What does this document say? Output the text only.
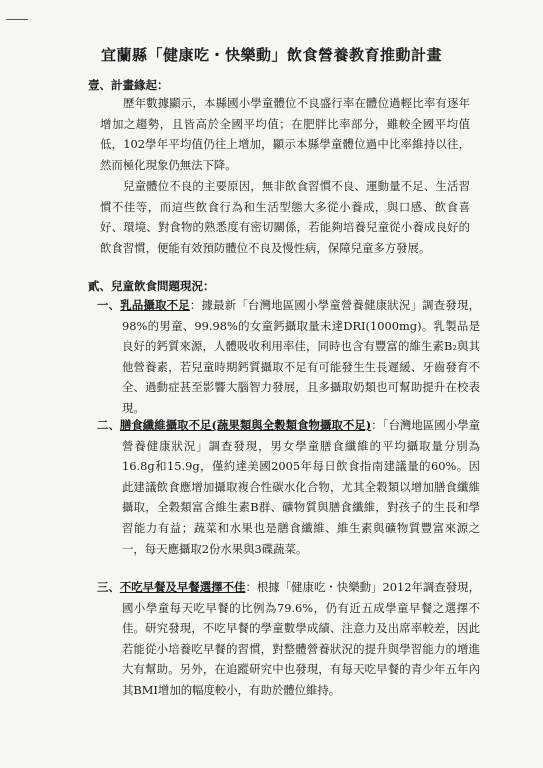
宜蘭縣「健康吃・快樂動」飲食營養教育推動計畫
壹、計畫緣起：
歷年數據顯示，本縣國小學童體位不良盛行率在體位過輕比率有逐年增加之趨勢，且皆高於全國平均值；在肥胖比率部分，雖較全國平均值低，102學年平均值仍往上增加，顯示本縣學童體位過中比率維持以往，然而極化現象仍無法下降。
兒童體位不良的主要原因，無非飲食習慣不良、運動量不足、生活習慣不佳等，而這些飲食行為和生活型態大多從小養成，與口感、飲食喜好、環境、對食物的熟悉度有密切關係，若能夠培養兒童從小養成良好的飲食習慣，便能有效預防體位不良及慢性病，保障兒童多方發展。
貳、兒童飲食問題現況：
一、乳品攝取不足：據最新「台灣地區國小學童營養健康狀況」調查發現，98%的男童、99.98%的女童鈣攝取量未達DRI(1000mg)。乳製品是良好的鈣質來源，人體吸收利用率佳，同時也含有豐富的維生素B₂與其他營養素，若兒童時期鈣質攝取不足有可能發生生長遲緩、牙齒發育不全、過動症甚至影響大腦智力發展，且多攝取奶類也可幫助提升在校表現。
二、膳食纖維攝取不足(蔬果類與全穀類食物攝取不足)：「台灣地區國小學童營養健康狀況」調查發現，男女學童膳食纖維的平均攝取量分別為16.8g和15.9g，僅約達美國2005年每日飲食指南建議量的60%。因此建議飲食應增加攝取複合性碳水化合物，尤其全穀類以增加膳食纖維攝取，全穀類富含維生素B群、礦物質與膳食纖維，對孩子的生長和學習能力有益；蔬菜和水果也是膳食纖維、維生素與礦物質豐富來源之一，每天應攝取2份水果與3碟蔬菜。
三、不吃早餐及早餐選擇不佳：根據「健康吃・快樂動」2012年調查發現，國小學童每天吃早餐的比例為79.6%，仍有近五成學童早餐之選擇不佳。研究發現，不吃早餐的學童數學成績、注意力及出席率較差，因此若能從小培養吃早餐的習慣，對整體營養狀況的提升與學習能力的增進大有幫助。另外，在追蹤研究中也發現，有每天吃早餐的青少年五年內其BMI增加的幅度較小，有助於體位維持。
